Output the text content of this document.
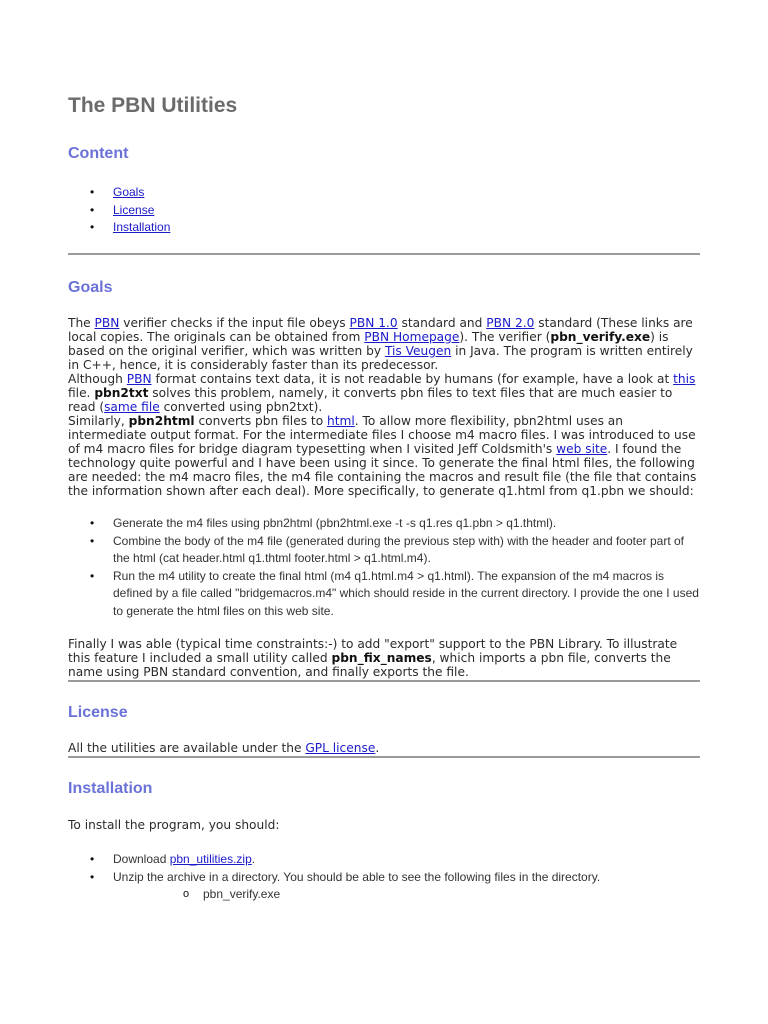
The PBN Utilities
Content
• Goals
• License
• Installation
Goals
The PBN verifier checks if the input file obeys PBN 1.0 standard and PBN 2.0 standard (These links are local copies. The originals can be obtained from PBN Homepage). The verifier (pbn_verify.exe) is based on the original verifier, which was written by Tis Veugen in Java. The program is written entirely in C++, hence, it is considerably faster than its predecessor.
Although PBN format contains text data, it is not readable by humans (for example, have a look at this file. pbn2txt solves this problem, namely, it converts pbn files to text files that are much easier to read (same file converted using pbn2txt).
Similarly, pbn2html converts pbn files to html. To allow more flexibility, pbn2html uses an intermediate output format. For the intermediate files I choose m4 macro files. I was introduced to use of m4 macro files for bridge diagram typesetting when I visited Jeff Coldsmith's web site. I found the technology quite powerful and I have been using it since. To generate the final html files, the following are needed: the m4 macro files, the m4 file containing the macros and result file (the file that contains the information shown after each deal). More specifically, to generate q1.html from q1.pbn we should:
• Generate the m4 files using pbn2html (pbn2html.exe -t -s q1.res q1.pbn > q1.thtml).
• Combine the body of the m4 file (generated during the previous step with) with the header and footer part of the html (cat header.html q1.thtml footer.html > q1.html.m4).
• Run the m4 utility to create the final html (m4 q1.html.m4 > q1.html). The expansion of the m4 macros is defined by a file called "bridgemacros.m4" which should reside in the current directory. I provide the one I used to generate the html files on this web site.
Finally I was able (typical time constraints:-) to add "export" support to the PBN Library. To illustrate this feature I included a small utility called pbn_fix_names, which imports a pbn file, converts the name using PBN standard convention, and finally exports the file.
License
All the utilities are available under the GPL license.
Installation
To install the program, you should:
• Download pbn_utilities.zip.
• Unzip the archive in a directory. You should be able to see the following files in the directory.
o pbn_verify.exe
